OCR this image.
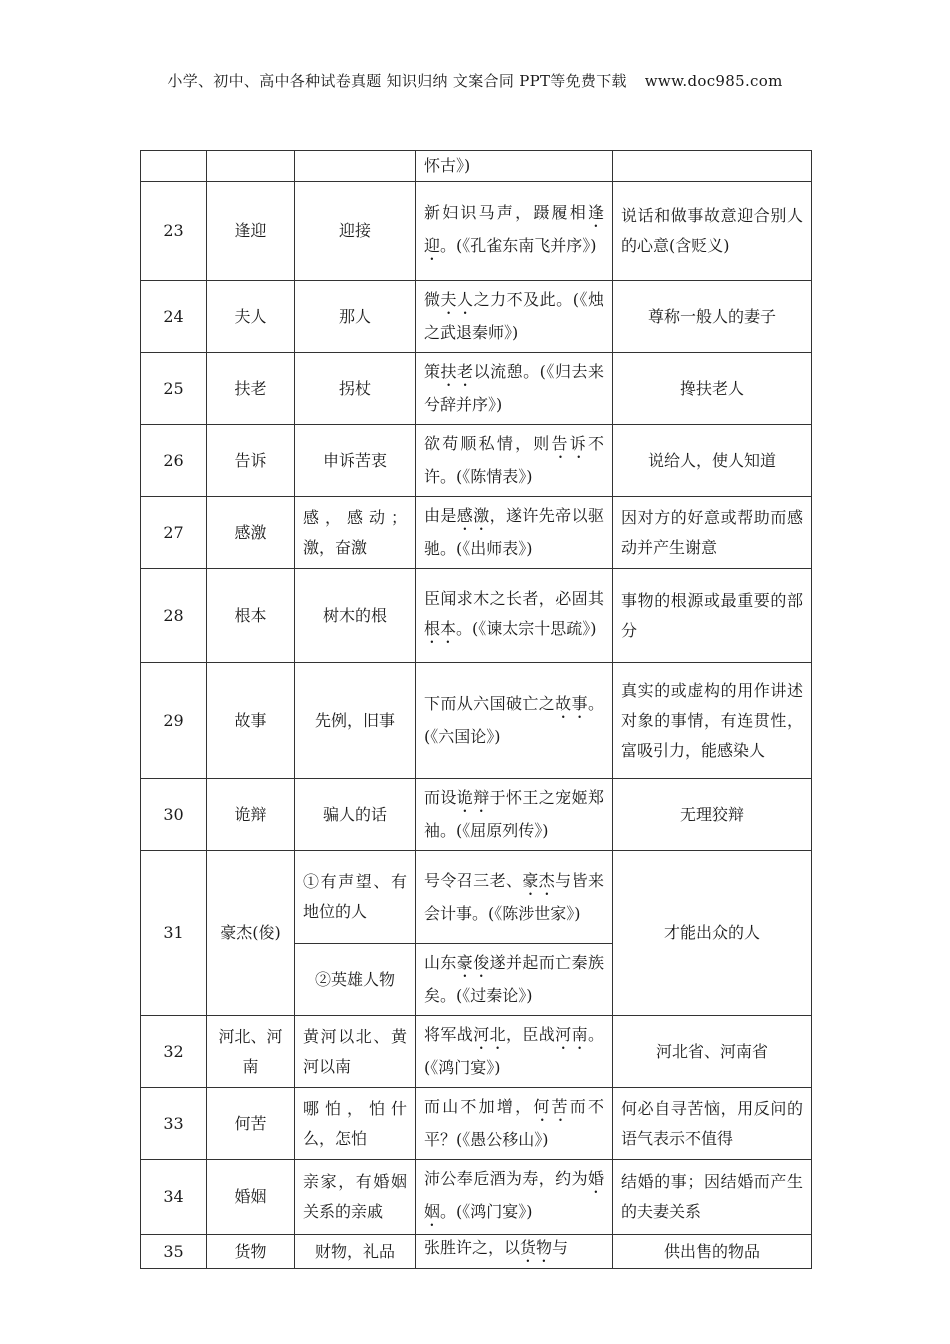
小学、初中、高中各种试卷真题 知识归纳 文案合同 PPT等免费下载 www.doc985.com
			怀古》)	
23	逢迎	迎接	新妇识马声，蹑履相逢迎。(《孔雀东南飞并序》)	说话和做事故意迎合别人的心意(含贬义)
24	夫人	那人	微夫人之力不及此。(《烛之武退秦师》)	尊称一般人的妻子
25	扶老	拐杖	策扶老以流憩。(《归去来兮辞并序》)	搀扶老人
26	告诉	申诉苦衷	欲苟顺私情，则告诉不许。(《陈情表》)	说给人，使人知道
27	感激	感，感动；激，奋激	由是感激，遂许先帝以驱驰。(《出师表》)	因对方的好意或帮助而感动并产生谢意
28	根本	树木的根	臣闻求木之长者，必固其根本。(《谏太宗十思疏》)	事物的根源或最重要的部分
29	故事	先例，旧事	下而从六国破亡之故事。(《六国论》)	真实的或虚构的用作讲述对象的事情，有连贯性，富吸引力，能感染人
30	诡辩	骗人的话	而设诡辩于怀王之宠姬郑袖。(《屈原列传》)	无理狡辩
31	豪杰(俊)	①有声望、有地位的人	号令召三老、豪杰与皆来会计事。(《陈涉世家》)	才能出众的人
		②英雄人物	山东豪俊遂并起而亡秦族矣。(《过秦论》)	
32	河北、河南	黄河以北、黄河以南	将军战河北，臣战河南。(《鸿门宴》)	河北省、河南省
33	何苦	哪怕，怕什么，怎怕	而山不加增，何苦而不平？(《愚公移山》)	何必自寻苦恼，用反问的语气表示不值得
34	婚姻	亲家，有婚姻关系的亲戚	沛公奉卮酒为寿，约为婚姻。(《鸿门宴》)	结婚的事；因结婚而产生的夫妻关系
35	货物	财物，礼品	张胜许之，以货物与	供出售的物品
